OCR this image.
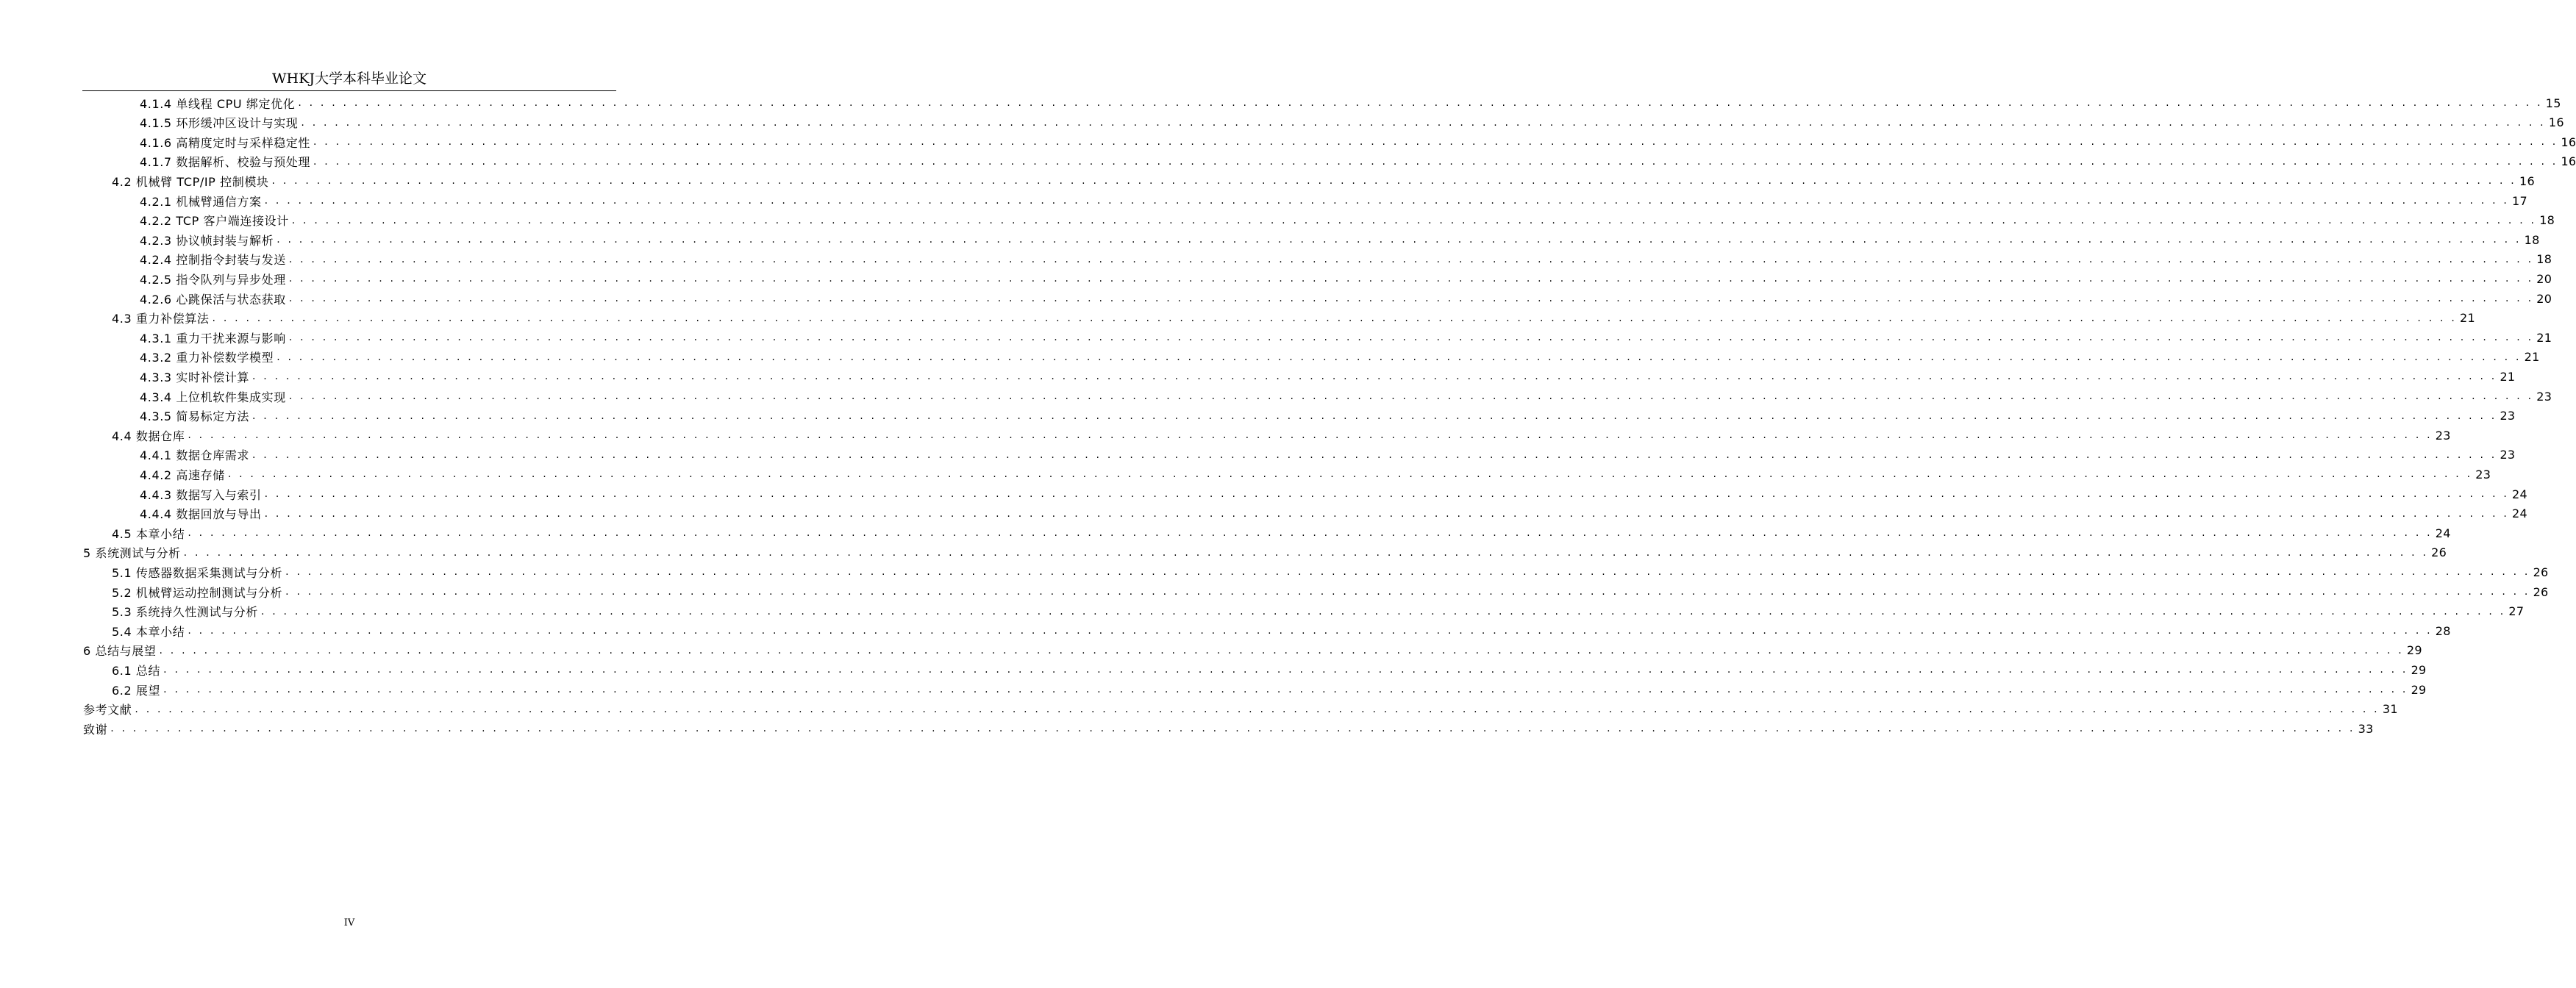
WHKJ大学本科毕业论文
4.1.4 单线程 CPU 绑定优化 . . . . . . . . . . . . . . . . . . . . . . . . . . . . . . . . . . . . . . . . . . . . . . . . . . . . . . . . . . . . . . . . . . . . . . . . . . . . . . . . . . . . . . . . . . . . . . . . . . . . . . . . . . . . . . . . . . . . . . . . . . . . . . . . . . . . . . . . . . . . . . . . . . . . . . . . . . . . . . . . . . . . . . . . . . . . . . . . . . . . . . . . . . . . . . . . . . . . . . . . 15
4.1.5 环形缓冲区设计与实现 . . . . . . . . . . . . . . . . . . . . . . . . . . . . . . . . . . . . . . . . . . . . . . . . . . . . . . . . . . . . . . . . . . . . . . . . . . . . . . . . . . . . . . . . . . . . . . . . . . . . . . . . . . . . . . . . . . . . . . . . . . . . . . . . . . . . . . . . . . . . . . . . . . . . . . . . . . . . . . . . . . . . . . . . . . . . . . . . . . . . . . . . . . . . . . . . . . . . . . . . 16
4.1.6 高精度定时与采样稳定性 . . . . . . . . . . . . . . . . . . . . . . . . . . . . . . . . . . . . . . . . . . . . . . . . . . . . . . . . . . . . . . . . . . . . . . . . . . . . . . . . . . . . . . . . . . . . . . . . . . . . . . . . . . . . . . . . . . . . . . . . . . . . . . . . . . . . . . . . . . . . . . . . . . . . . . . . . . . . . . . . . . . . . . . . . . . . . . . . . . . . . . . . . . . . . . . . . . . . . . . . 16
4.1.7 数据解析、校验与预处理 . . . . . . . . . . . . . . . . . . . . . . . . . . . . . . . . . . . . . . . . . . . . . . . . . . . . . . . . . . . . . . . . . . . . . . . . . . . . . . . . . . . . . . . . . . . . . . . . . . . . . . . . . . . . . . . . . . . . . . . . . . . . . . . . . . . . . . . . . . . . . . . . . . . . . . . . . . . . . . . . . . . . . . . . . . . . . . . . . . . . . . . . . . . . . . . . . . . . . . . . 16
4.2 机械臂 TCP/IP 控制模块 . . . . . . . . . . . . . . . . . . . . . . . . . . . . . . . . . . . . . . . . . . . . . . . . . . . . . . . . . . . . . . . . . . . . . . . . . . . . . . . . . . . . . . . . . . . . . . . . . . . . . . . . . . . . . . . . . . . . . . . . . . . . . . . . . . . . . . . . . . . . . . . . . . . . . . . . . . . . . . . . . . . . . . . . . . . . . . . . . . . . . . . . . . . . . . . . . . . . . . . . 16
4.2.1 机械臂通信方案 . . . . . . . . . . . . . . . . . . . . . . . . . . . . . . . . . . . . . . . . . . . . . . . . . . . . . . . . . . . . . . . . . . . . . . . . . . . . . . . . . . . . . . . . . . . . . . . . . . . . . . . . . . . . . . . . . . . . . . . . . . . . . . . . . . . . . . . . . . . . . . . . . . . . . . . . . . . . . . . . . . . . . . . . . . . . . . . . . . . . . . . . . . . . . . . . . . . . . . . . 17
4.2.2 TCP 客户端连接设计 . . . . . . . . . . . . . . . . . . . . . . . . . . . . . . . . . . . . . . . . . . . . . . . . . . . . . . . . . . . . . . . . . . . . . . . . . . . . . . . . . . . . . . . . . . . . . . . . . . . . . . . . . . . . . . . . . . . . . . . . . . . . . . . . . . . . . . . . . . . . . . . . . . . . . . . . . . . . . . . . . . . . . . . . . . . . . . . . . . . . . . . . . . . . . . . . . . . . . . . . 18
4.2.3 协议帧封装与解析 . . . . . . . . . . . . . . . . . . . . . . . . . . . . . . . . . . . . . . . . . . . . . . . . . . . . . . . . . . . . . . . . . . . . . . . . . . . . . . . . . . . . . . . . . . . . . . . . . . . . . . . . . . . . . . . . . . . . . . . . . . . . . . . . . . . . . . . . . . . . . . . . . . . . . . . . . . . . . . . . . . . . . . . . . . . . . . . . . . . . . . . . . . . . . . . . . . . . . . . . 18
4.2.4 控制指令封装与发送 . . . . . . . . . . . . . . . . . . . . . . . . . . . . . . . . . . . . . . . . . . . . . . . . . . . . . . . . . . . . . . . . . . . . . . . . . . . . . . . . . . . . . . . . . . . . . . . . . . . . . . . . . . . . . . . . . . . . . . . . . . . . . . . . . . . . . . . . . . . . . . . . . . . . . . . . . . . . . . . . . . . . . . . . . . . . . . . . . . . . . . . . . . . . . . . . . . . . . . . . 18
4.2.5 指令队列与异步处理 . . . . . . . . . . . . . . . . . . . . . . . . . . . . . . . . . . . . . . . . . . . . . . . . . . . . . . . . . . . . . . . . . . . . . . . . . . . . . . . . . . . . . . . . . . . . . . . . . . . . . . . . . . . . . . . . . . . . . . . . . . . . . . . . . . . . . . . . . . . . . . . . . . . . . . . . . . . . . . . . . . . . . . . . . . . . . . . . . . . . . . . . . . . . . . . . . . . . . . . . 20
4.2.6 心跳保活与状态获取 . . . . . . . . . . . . . . . . . . . . . . . . . . . . . . . . . . . . . . . . . . . . . . . . . . . . . . . . . . . . . . . . . . . . . . . . . . . . . . . . . . . . . . . . . . . . . . . . . . . . . . . . . . . . . . . . . . . . . . . . . . . . . . . . . . . . . . . . . . . . . . . . . . . . . . . . . . . . . . . . . . . . . . . . . . . . . . . . . . . . . . . . . . . . . . . . . . . . . . . . 20
4.3 重力补偿算法 . . . . . . . . . . . . . . . . . . . . . . . . . . . . . . . . . . . . . . . . . . . . . . . . . . . . . . . . . . . . . . . . . . . . . . . . . . . . . . . . . . . . . . . . . . . . . . . . . . . . . . . . . . . . . . . . . . . . . . . . . . . . . . . . . . . . . . . . . . . . . . . . . . . . . . . . . . . . . . . . . . . . . . . . . . . . . . . . . . . . . . . . . . . . . . . . . . . . . . . . 21
4.3.1 重力干扰来源与影响 . . . . . . . . . . . . . . . . . . . . . . . . . . . . . . . . . . . . . . . . . . . . . . . . . . . . . . . . . . . . . . . . . . . . . . . . . . . . . . . . . . . . . . . . . . . . . . . . . . . . . . . . . . . . . . . . . . . . . . . . . . . . . . . . . . . . . . . . . . . . . . . . . . . . . . . . . . . . . . . . . . . . . . . . . . . . . . . . . . . . . . . . . . . . . . . . . . . . . . . . 21
4.3.2 重力补偿数学模型 . . . . . . . . . . . . . . . . . . . . . . . . . . . . . . . . . . . . . . . . . . . . . . . . . . . . . . . . . . . . . . . . . . . . . . . . . . . . . . . . . . . . . . . . . . . . . . . . . . . . . . . . . . . . . . . . . . . . . . . . . . . . . . . . . . . . . . . . . . . . . . . . . . . . . . . . . . . . . . . . . . . . . . . . . . . . . . . . . . . . . . . . . . . . . . . . . . . . . . . . 21
4.3.3 实时补偿计算 . . . . . . . . . . . . . . . . . . . . . . . . . . . . . . . . . . . . . . . . . . . . . . . . . . . . . . . . . . . . . . . . . . . . . . . . . . . . . . . . . . . . . . . . . . . . . . . . . . . . . . . . . . . . . . . . . . . . . . . . . . . . . . . . . . . . . . . . . . . . . . . . . . . . . . . . . . . . . . . . . . . . . . . . . . . . . . . . . . . . . . . . . . . . . . . . . . . . . . . . 21
4.3.4 上位机软件集成实现 . . . . . . . . . . . . . . . . . . . . . . . . . . . . . . . . . . . . . . . . . . . . . . . . . . . . . . . . . . . . . . . . . . . . . . . . . . . . . . . . . . . . . . . . . . . . . . . . . . . . . . . . . . . . . . . . . . . . . . . . . . . . . . . . . . . . . . . . . . . . . . . . . . . . . . . . . . . . . . . . . . . . . . . . . . . . . . . . . . . . . . . . . . . . . . . . . . . . . . . . 23
4.3.5 简易标定方法 . . . . . . . . . . . . . . . . . . . . . . . . . . . . . . . . . . . . . . . . . . . . . . . . . . . . . . . . . . . . . . . . . . . . . . . . . . . . . . . . . . . . . . . . . . . . . . . . . . . . . . . . . . . . . . . . . . . . . . . . . . . . . . . . . . . . . . . . . . . . . . . . . . . . . . . . . . . . . . . . . . . . . . . . . . . . . . . . . . . . . . . . . . . . . . . . . . . . . . . . 23
4.4 数据仓库 . . . . . . . . . . . . . . . . . . . . . . . . . . . . . . . . . . . . . . . . . . . . . . . . . . . . . . . . . . . . . . . . . . . . . . . . . . . . . . . . . . . . . . . . . . . . . . . . . . . . . . . . . . . . . . . . . . . . . . . . . . . . . . . . . . . . . . . . . . . . . . . . . . . . . . . . . . . . . . . . . . . . . . . . . . . . . . . . . . . . . . . . . . . . . . . . . . . . . . . . 23
4.4.1 数据仓库需求 . . . . . . . . . . . . . . . . . . . . . . . . . . . . . . . . . . . . . . . . . . . . . . . . . . . . . . . . . . . . . . . . . . . . . . . . . . . . . . . . . . . . . . . . . . . . . . . . . . . . . . . . . . . . . . . . . . . . . . . . . . . . . . . . . . . . . . . . . . . . . . . . . . . . . . . . . . . . . . . . . . . . . . . . . . . . . . . . . . . . . . . . . . . . . . . . . . . . . . . . 23
4.4.2 高速存储 . . . . . . . . . . . . . . . . . . . . . . . . . . . . . . . . . . . . . . . . . . . . . . . . . . . . . . . . . . . . . . . . . . . . . . . . . . . . . . . . . . . . . . . . . . . . . . . . . . . . . . . . . . . . . . . . . . . . . . . . . . . . . . . . . . . . . . . . . . . . . . . . . . . . . . . . . . . . . . . . . . . . . . . . . . . . . . . . . . . . . . . . . . . . . . . . . . . . . . . . 23
4.4.3 数据写入与索引 . . . . . . . . . . . . . . . . . . . . . . . . . . . . . . . . . . . . . . . . . . . . . . . . . . . . . . . . . . . . . . . . . . . . . . . . . . . . . . . . . . . . . . . . . . . . . . . . . . . . . . . . . . . . . . . . . . . . . . . . . . . . . . . . . . . . . . . . . . . . . . . . . . . . . . . . . . . . . . . . . . . . . . . . . . . . . . . . . . . . . . . . . . . . . . . . . . . . . . . . 24
4.4.4 数据回放与导出 . . . . . . . . . . . . . . . . . . . . . . . . . . . . . . . . . . . . . . . . . . . . . . . . . . . . . . . . . . . . . . . . . . . . . . . . . . . . . . . . . . . . . . . . . . . . . . . . . . . . . . . . . . . . . . . . . . . . . . . . . . . . . . . . . . . . . . . . . . . . . . . . . . . . . . . . . . . . . . . . . . . . . . . . . . . . . . . . . . . . . . . . . . . . . . . . . . . . . . . . 24
4.5 本章小结 . . . . . . . . . . . . . . . . . . . . . . . . . . . . . . . . . . . . . . . . . . . . . . . . . . . . . . . . . . . . . . . . . . . . . . . . . . . . . . . . . . . . . . . . . . . . . . . . . . . . . . . . . . . . . . . . . . . . . . . . . . . . . . . . . . . . . . . . . . . . . . . . . . . . . . . . . . . . . . . . . . . . . . . . . . . . . . . . . . . . . . . . . . . . . . . . . . . . . . . . 24
5 系统测试与分析 . . . . . . . . . . . . . . . . . . . . . . . . . . . . . . . . . . . . . . . . . . . . . . . . . . . . . . . . . . . . . . . . . . . . . . . . . . . . . . . . . . . . . . . . . . . . . . . . . . . . . . . . . . . . . . . . . . . . . . . . . . . . . . . . . . . . . . . . . . . . . . . . . . . . . . . . . . . . . . . . . . . . . . . . . . . . . . . . . . . . . . . . . . . . . . . . . . . . . . . . 26
5.1 传感器数据采集测试与分析 . . . . . . . . . . . . . . . . . . . . . . . . . . . . . . . . . . . . . . . . . . . . . . . . . . . . . . . . . . . . . . . . . . . . . . . . . . . . . . . . . . . . . . . . . . . . . . . . . . . . . . . . . . . . . . . . . . . . . . . . . . . . . . . . . . . . . . . . . . . . . . . . . . . . . . . . . . . . . . . . . . . . . . . . . . . . . . . . . . . . . . . . . . . . . . . . . . . . . . . . 26
5.2 机械臂运动控制测试与分析 . . . . . . . . . . . . . . . . . . . . . . . . . . . . . . . . . . . . . . . . . . . . . . . . . . . . . . . . . . . . . . . . . . . . . . . . . . . . . . . . . . . . . . . . . . . . . . . . . . . . . . . . . . . . . . . . . . . . . . . . . . . . . . . . . . . . . . . . . . . . . . . . . . . . . . . . . . . . . . . . . . . . . . . . . . . . . . . . . . . . . . . . . . . . . . . . . . . . . . . . 26
5.3 系统持久性测试与分析 . . . . . . . . . . . . . . . . . . . . . . . . . . . . . . . . . . . . . . . . . . . . . . . . . . . . . . . . . . . . . . . . . . . . . . . . . . . . . . . . . . . . . . . . . . . . . . . . . . . . . . . . . . . . . . . . . . . . . . . . . . . . . . . . . . . . . . . . . . . . . . . . . . . . . . . . . . . . . . . . . . . . . . . . . . . . . . . . . . . . . . . . . . . . . . . . . . . . . . . . 27
5.4 本章小结 . . . . . . . . . . . . . . . . . . . . . . . . . . . . . . . . . . . . . . . . . . . . . . . . . . . . . . . . . . . . . . . . . . . . . . . . . . . . . . . . . . . . . . . . . . . . . . . . . . . . . . . . . . . . . . . . . . . . . . . . . . . . . . . . . . . . . . . . . . . . . . . . . . . . . . . . . . . . . . . . . . . . . . . . . . . . . . . . . . . . . . . . . . . . . . . . . . . . . . . . 28
6 总结与展望 . . . . . . . . . . . . . . . . . . . . . . . . . . . . . . . . . . . . . . . . . . . . . . . . . . . . . . . . . . . . . . . . . . . . . . . . . . . . . . . . . . . . . . . . . . . . . . . . . . . . . . . . . . . . . . . . . . . . . . . . . . . . . . . . . . . . . . . . . . . . . . . . . . . . . . . . . . . . . . . . . . . . . . . . . . . . . . . . . . . . . . . . . . . . . . . . . . . . . . . . 29
6.1 总结 . . . . . . . . . . . . . . . . . . . . . . . . . . . . . . . . . . . . . . . . . . . . . . . . . . . . . . . . . . . . . . . . . . . . . . . . . . . . . . . . . . . . . . . . . . . . . . . . . . . . . . . . . . . . . . . . . . . . . . . . . . . . . . . . . . . . . . . . . . . . . . . . . . . . . . . . . . . . . . . . . . . . . . . . . . . . . . . . . . . . . . . . . . . . . . . . . . . . . . . . 29
6.2 展望 . . . . . . . . . . . . . . . . . . . . . . . . . . . . . . . . . . . . . . . . . . . . . . . . . . . . . . . . . . . . . . . . . . . . . . . . . . . . . . . . . . . . . . . . . . . . . . . . . . . . . . . . . . . . . . . . . . . . . . . . . . . . . . . . . . . . . . . . . . . . . . . . . . . . . . . . . . . . . . . . . . . . . . . . . . . . . . . . . . . . . . . . . . . . . . . . . . . . . . . . 29
参考文献 . . . . . . . . . . . . . . . . . . . . . . . . . . . . . . . . . . . . . . . . . . . . . . . . . . . . . . . . . . . . . . . . . . . . . . . . . . . . . . . . . . . . . . . . . . . . . . . . . . . . . . . . . . . . . . . . . . . . . . . . . . . . . . . . . . . . . . . . . . . . . . . . . . . . . . . . . . . . . . . . . . . . . . . . . . . . . . . . . . . . . . . . . . . . . . . . . . . . . . . . 31
致谢 . . . . . . . . . . . . . . . . . . . . . . . . . . . . . . . . . . . . . . . . . . . . . . . . . . . . . . . . . . . . . . . . . . . . . . . . . . . . . . . . . . . . . . . . . . . . . . . . . . . . . . . . . . . . . . . . . . . . . . . . . . . . . . . . . . . . . . . . . . . . . . . . . . . . . . . . . . . . . . . . . . . . . . . . . . . . . . . . . . . . . . . . . . . . . . . . . . . . . . . . 33
IV
